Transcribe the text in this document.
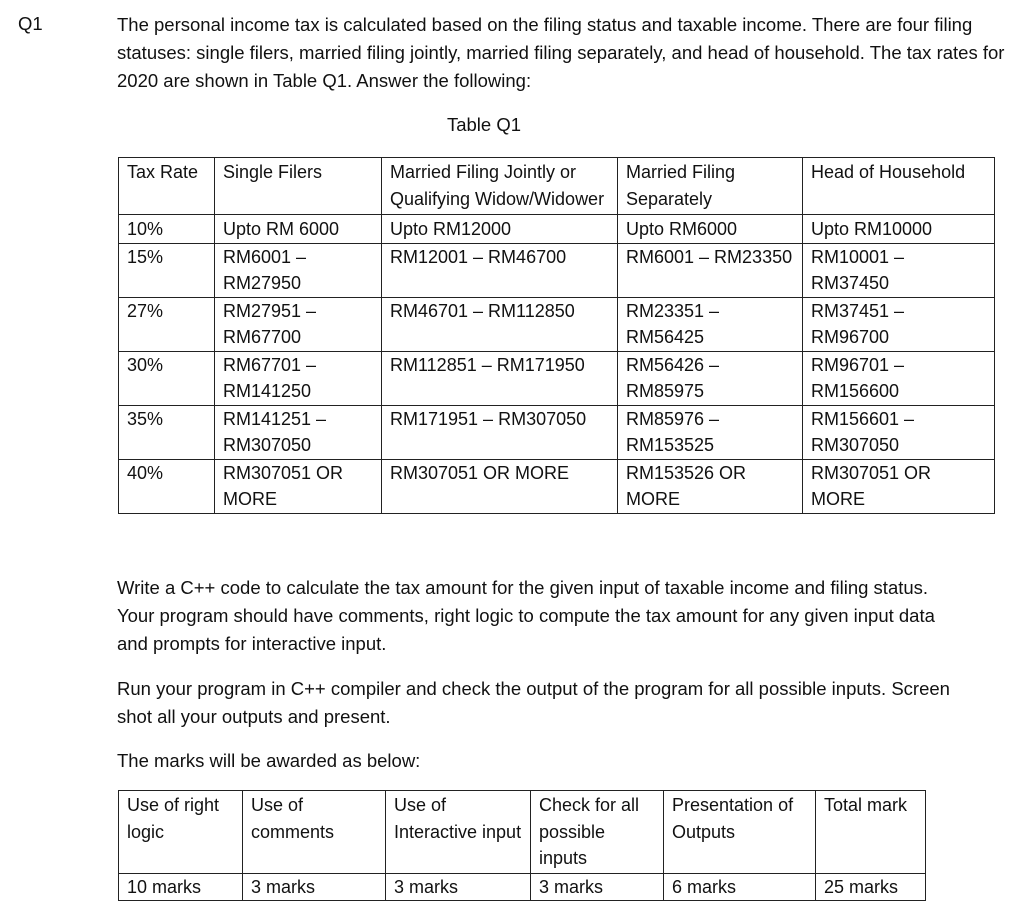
Q1	The personal income tax is calculated based on the filing status and taxable income. There are four filing statuses: single filers, married filing jointly, married filing separately, and head of household. The tax rates for 2020 are shown in Table Q1. Answer the following:

Table Q1
Tax Rate	Single Filers	Married Filing Jointly or Qualifying Widow/Widower	Married Filing Separately	Head of Household
10%	Upto RM 6000	Upto RM12000	Upto RM6000	Upto RM10000
15%	RM6001 – RM27950	RM12001 – RM46700	RM6001 – RM23350	RM10001 – RM37450
27%	RM27951 – RM67700	RM46701 – RM112850	RM23351 – RM56425	RM37451 – RM96700
30%	RM67701 – RM141250	RM112851 – RM171950	RM56426 – RM85975	RM96701 – RM156600
35%	RM141251 – RM307050	RM171951 – RM307050	RM85976 – RM153525	RM156601 – RM307050
40%	RM307051 OR MORE	RM307051 OR MORE	RM153526 OR MORE	RM307051 OR MORE

Write a C++ code to calculate the tax amount for the given input of taxable income and filing status. Your program should have comments, right logic to compute the tax amount for any given input data and prompts for interactive input.

Run your program in C++ compiler and check the output of the program for all possible inputs. Screen shot all your outputs and present.

The marks will be awarded as below:

Use of right logic	Use of comments	Use of Interactive input	Check for all possible inputs	Presentation of Outputs	Total mark
10 marks	3 marks	3 marks	3 marks	6 marks	25 marks
